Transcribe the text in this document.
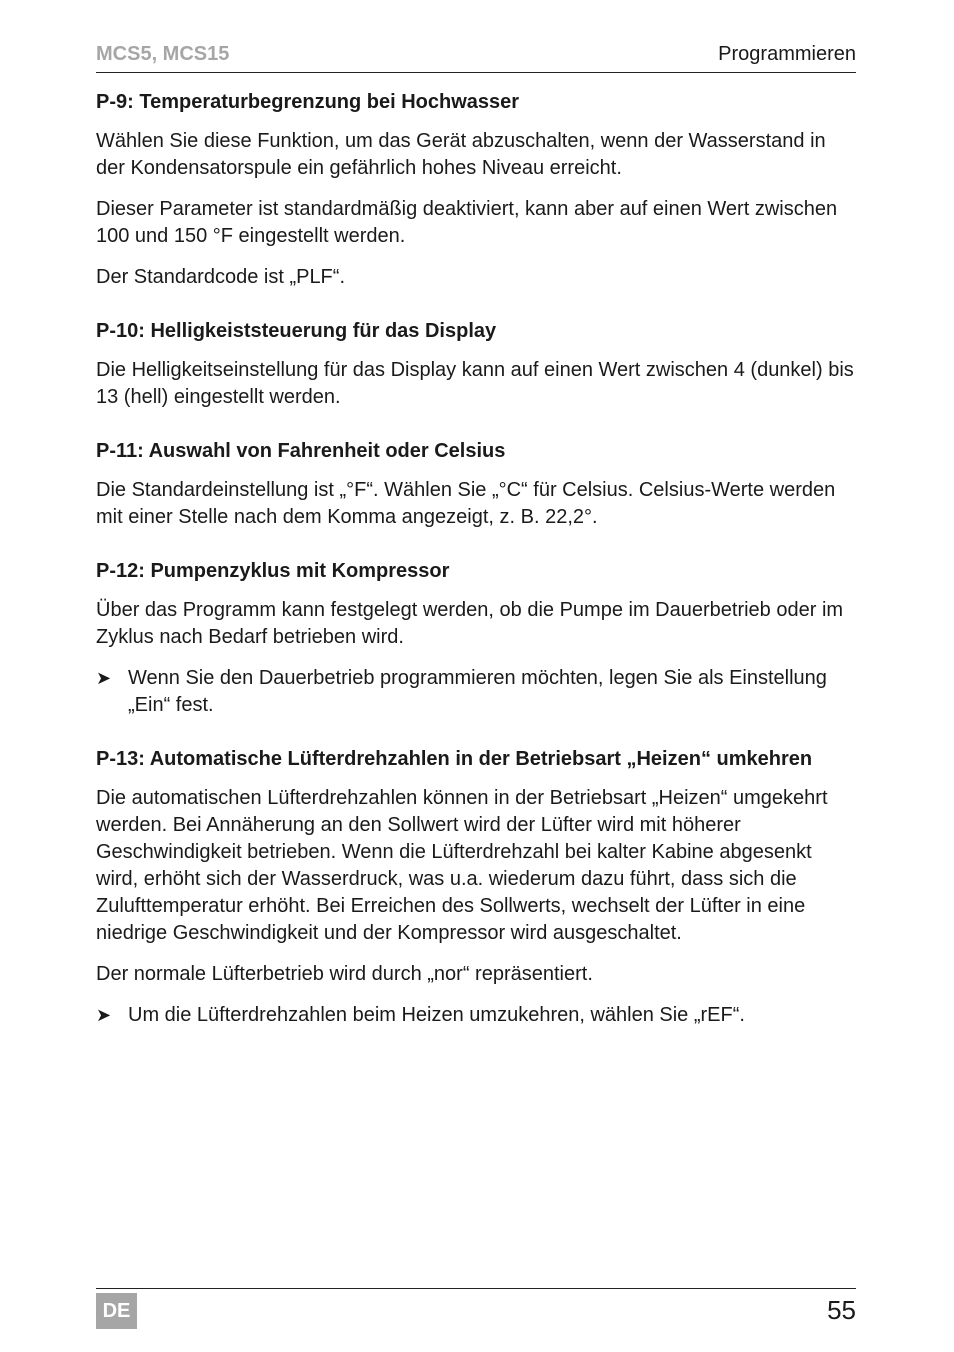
MCS5, MCS15	Programmieren
P-9: Temperaturbegrenzung bei Hochwasser

Wählen Sie diese Funktion, um das Gerät abzuschalten, wenn der Wasserstand in der Kondensatorspule ein gefährlich hohes Niveau erreicht.

Dieser Parameter ist standardmäßig deaktiviert, kann aber auf einen Wert zwischen 100 und 150 °F eingestellt werden.

Der Standardcode ist „PLF“.

P-10: Helligkeiststeuerung für das Display

Die Helligkeitseinstellung für das Display kann auf einen Wert zwischen 4 (dunkel) bis 13 (hell) eingestellt werden.

P-11: Auswahl von Fahrenheit oder Celsius

Die Standardeinstellung ist „°F“. Wählen Sie „°C“ für Celsius. Celsius-Werte werden mit einer Stelle nach dem Komma angezeigt, z. B. 22,2°.

P-12: Pumpenzyklus mit Kompressor

Über das Programm kann festgelegt werden, ob die Pumpe im Dauerbetrieb oder im Zyklus nach Bedarf betrieben wird.

➤ Wenn Sie den Dauerbetrieb programmieren möchten, legen Sie als Einstellung „Ein“ fest.
P-13: Automatische Lüfterdrehzahlen in der Betriebsart „Heizen“ umkehren

Die automatischen Lüfterdrehzahlen können in der Betriebsart „Heizen“ umgekehrt werden. Bei Annäherung an den Sollwert wird der Lüfter wird mit höherer Geschwindigkeit betrieben. Wenn die Lüfterdrehzahl bei kalter Kabine abgesenkt wird, erhöht sich der Wasserdruck, was u.a. wiederum dazu führt, dass sich die Zulufttemperatur erhöht. Bei Erreichen des Sollwerts, wechselt der Lüfter in eine niedrige Geschwindigkeit und der Kompressor wird ausgeschaltet.

Der normale Lüfterbetrieb wird durch „nor“ repräsentiert.

➤ Um die Lüfterdrehzahlen beim Heizen umzukehren, wählen Sie „rEF“.
DE	55
